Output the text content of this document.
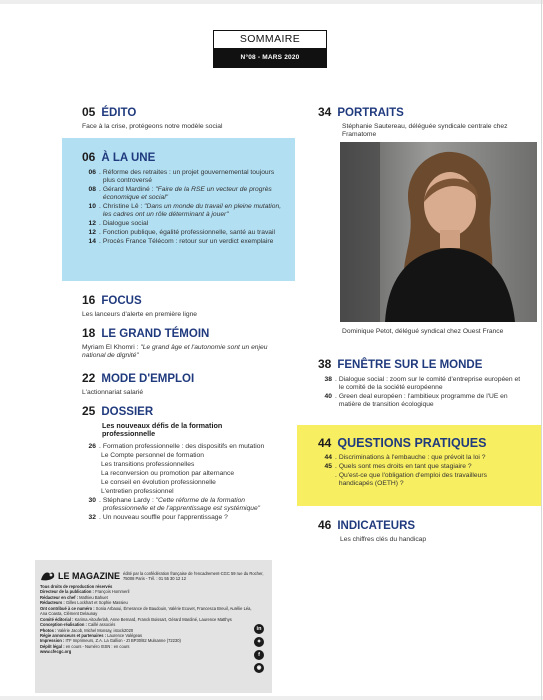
SOMMAIRE
N°08 - MARS 2020
05 ÉDITO
Face à la crise, protégeons notre modèle social
06 À LA UNE
06 . Réforme des retraites : un projet gouvernemental toujours plus controversé
08 . Gérard Mardiné : "Faire de la RSE un vecteur de progrès économique et social"
10 . Christine Lê : "Dans un monde du travail en pleine mutation, les cadres ont un rôle déterminant à jouer"
12 . Dialogue social
12 . Fonction publique, égalité professionnelle, santé au travail
14 . Procès France Télécom : retour sur un verdict exemplaire
16 FOCUS
Les lanceurs d'alerte en première ligne
18 LE GRAND TÉMOIN
Myriam El Khomri : "Le grand âge et l'autonomie sont un enjeu national de dignité"
22 MODE D'EMPLOI
L'actionnariat salarié
25 DOSSIER
Les nouveaux défis de la formation professionnelle
26 . Formation professionnelle : des dispositifs en mutation
Le Compte personnel de formation
Les transitions professionnelles
La reconversion ou promotion par alternance
Le conseil en évolution professionnelle
L'entretien professionnel
30 . Stéphane Lardy : "Cette réforme de la formation professionnelle et de l'apprentissage est systémique"
32 . Un nouveau souffle pour l'apprentissage ?
34 PORTRAITS
Stéphanie Sautereau, déléguée syndicale centrale chez Framatome
Dominique Petot, délégué syndical chez Ouest France
38 FENÊTRE SUR LE MONDE
38 . Dialogue social : zoom sur le comité d'entreprise européen et le comité de la société européenne
40 . Green deal européen : l'ambitieux programme de l'UE en matière de transition écologique
44 QUESTIONS PRATIQUES
44 . Discriminations à l'embauche : que prévoit la loi ?
45 . Quels sont mes droits en tant que stagiaire ?
. Qu'est-ce que l'obligation d'emploi des travailleurs handicapés (OETH) ?
46 INDICATEURS
Les chiffres clés du handicap
LE MAGAZINE édité par la confédération française de l'encadrement-CGC 59 rue du Rocher, 75008 Paris - Tél. : 01 55 30 12 12
Tous droits de reproduction réservés
Directeur de la publication : François Hommeril
Rédacteur en chef : Mathieu Bahuet
Rédacteurs : Gilles Lockhart et Sophie Massieu
Ont contribué à ce numéro : Sonia Arbaoui, Émerance de Baudouin, Valérie Ecuvet, Francesca Breuil, Aurélie Léa, Ana Coasta, Clément Delaunay
Comité éditorial : Karima Aitouferlah, Anne Bernard, Franck Boissart, Gérard Mardiné, Laurence Matthys
Conception-réalisation : Caillé associés
Photos : Valérie Jacob, Michel Monsay, istock2020
Régie annonceurs et partenaires : Laurence Valégeas
Impression : ITF Imprimeurs, Z.A. La Gallion - ZI BP30/82 Mulsanne (72230)
Dépôt légal : en cours - Numéro ISSN : en cours
www.cfecgc.org
in
✦
f
◉
